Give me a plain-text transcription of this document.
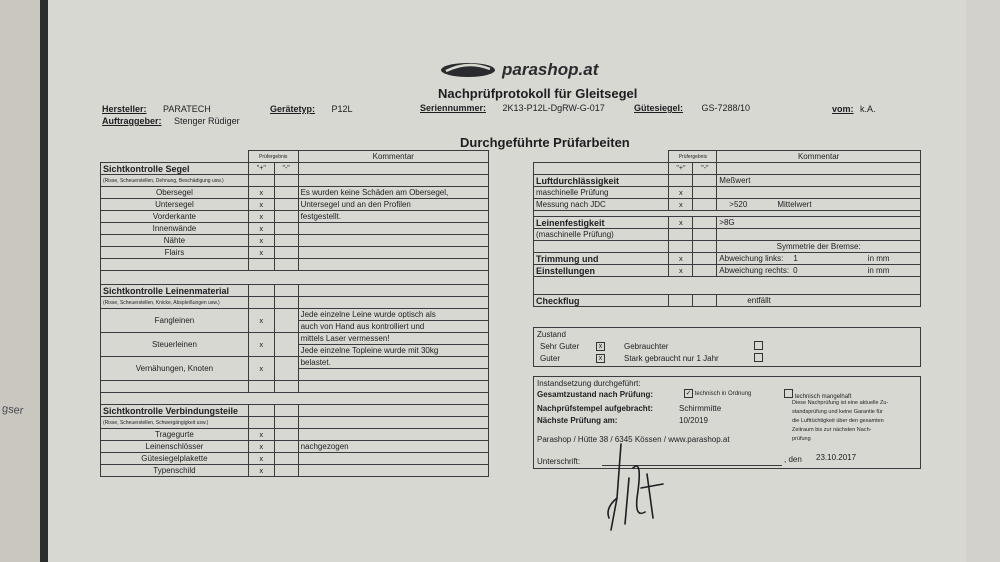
gser
parashop.at
Nachprüfprotokoll für Gleitsegel
Hersteller: PARATECH	Gerätetyp: P12L	Seriennummer: 2K13-P12L-DgRW-G-017	Gütesiegel: GS-7288/10	vom: k.A.
Auftraggeber: Stenger Rüdiger
Durchgeführte Prüfarbeiten
	Prüfergebnis		Kommentar
Sichtkontrolle Segel	"+"	"-"	
(Risse, Scheuerstellen, Dehnung, Beschädigung usw.)			
Obersegel	x		Es wurden keine Schäden am Obersegel,
Untersegel	x		Untersegel und an den Profilen
Vorderkante	x		festgestellt.
Innenwände	x		
Nähte	x		
Flairs	x		

Sichtkontrolle Leinenmaterial			
(Risse, Scheuerstellen, Knicke, Abspleißungen usw.)			
Fangleinen	x		Jede einzelne Leine wurde optisch als
			auch von Hand aus kontrolliert und
Steuerleinen	x		mittels Laser vermessen!
			Jede einzelne Topleine wurde mit 30kg
Vernähungen, Knoten	x		belastet.

Sichtkontrolle Verbindungsteile			
(Risse, Scheuerstellen, Schwergängigkeit usw.)			
Tragegurte	x		
Leinenschlösser	x		nachgezogen
Gütesiegelplakette	x		
Typenschild	x		
	Prüfergebnis		Kommentar
	"+"	"-"	
Luftdurchlässigkeit			Meßwert
maschinelle Prüfung	x		
Messung nach JDC	x		>520 Mittelwert

Leinenfestigkeit	x		>8G
(maschinelle Prüfung)			
			Symmetrie der Bremse:
Trimmung und	x		Abweichung links: 1 in mm
Einstellungen	x		Abweichung rechts: 0 in mm

Checkflug			entfällt
Zustand
Sehr Guter	x
Guter	x
Gebrauchter
Stark gebraucht nur 1 Jahr
Instandsetzung durchgeführt:
Gesamtzustand nach Prüfung:	✓ technisch in Ordnung	technisch mangelhaft
Nachprüfstempel aufgebracht:	Schirmmitte
Nächste Prüfung am:	10/2019
Diese Nachprüfung ist eine aktuelle Zu-
standsprüfung und keine Garantie für
die Lufttüchtigkeit über den gesamten
Zeitraum bis zur nächsten Nach-
prüfung
Parashop / Hütte 38 / 6345 Kössen / www.parashop.at
Unterschrift:	, den 23.10.2017
